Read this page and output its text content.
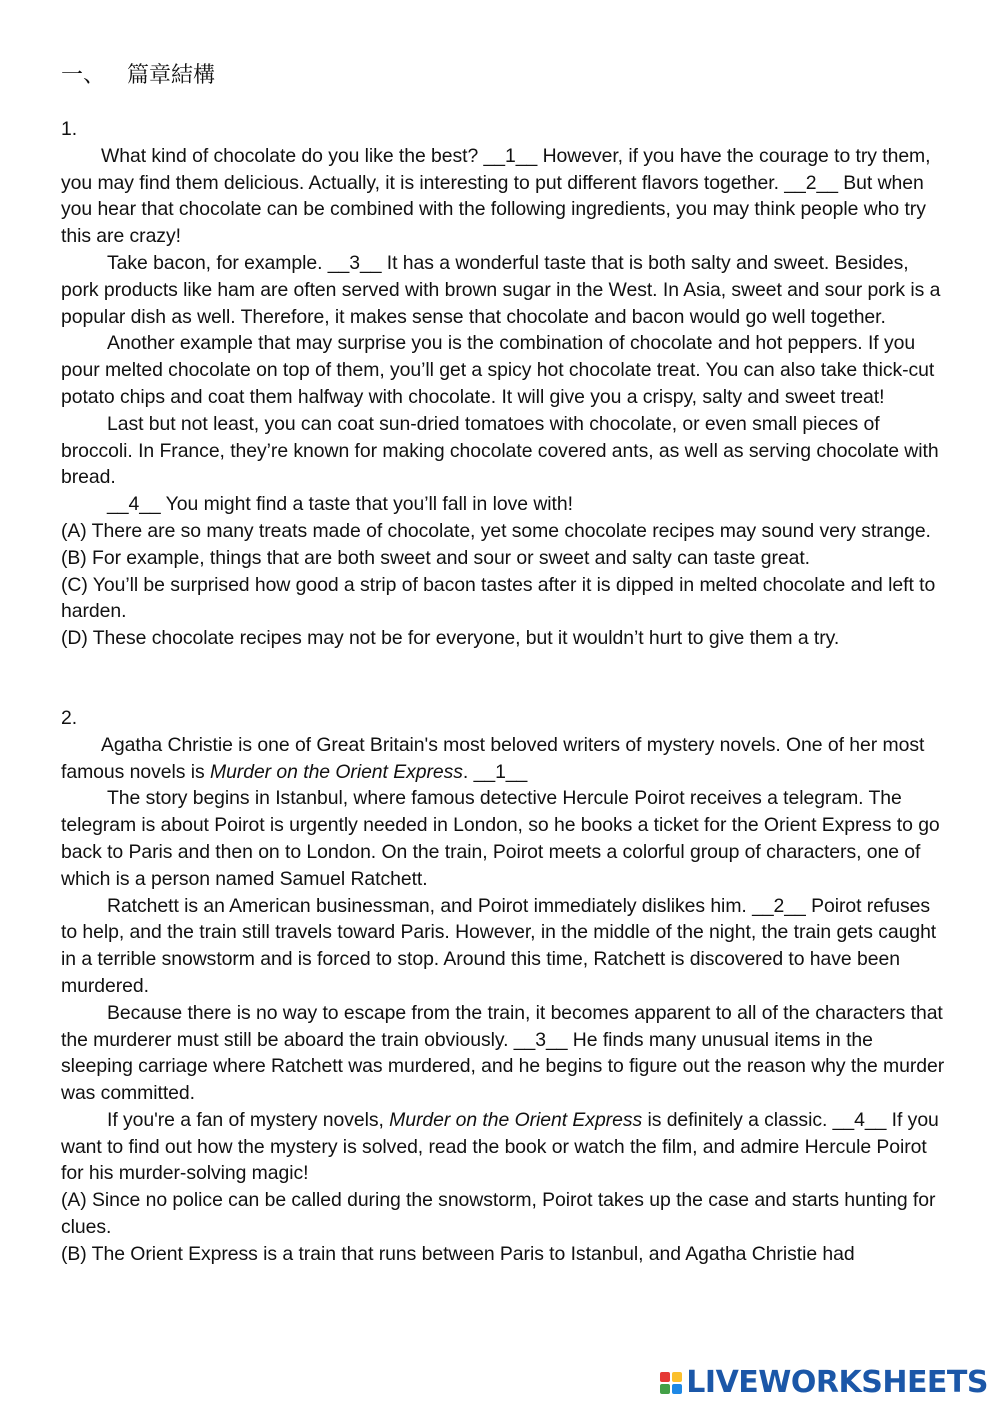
一、 篇章結構

1.

What kind of chocolate do you like the best? __1__ However, if you have the courage to try them, you may find them delicious. Actually, it is interesting to put different flavors together. __2__ But when you hear that chocolate can be combined with the following ingredients, you may think people who try this are crazy!

Take bacon, for example. __3__ It has a wonderful taste that is both salty and sweet. Besides, pork products like ham are often served with brown sugar in the West. In Asia, sweet and sour pork is a popular dish as well. Therefore, it makes sense that chocolate and bacon would go well together.

Another example that may surprise you is the combination of chocolate and hot peppers. If you pour melted chocolate on top of them, you’ll get a spicy hot chocolate treat. You can also take thick-cut potato chips and coat them halfway with chocolate. It will give you a crispy, salty and sweet treat!

Last but not least, you can coat sun-dried tomatoes with chocolate, or even small pieces of broccoli. In France, they’re known for making chocolate covered ants, as well as serving chocolate with bread.

__4__ You might find a taste that you’ll fall in love with!

(A) There are so many treats made of chocolate, yet some chocolate recipes may sound very strange.

(B) For example, things that are both sweet and sour or sweet and salty can taste great.

(C) You’ll be surprised how good a strip of bacon tastes after it is dipped in melted chocolate and left to harden.

(D) These chocolate recipes may not be for everyone, but it wouldn’t hurt to give them a try.

2.

Agatha Christie is one of Great Britain's most beloved writers of mystery novels. One of her most famous novels is Murder on the Orient Express. __1__

The story begins in Istanbul, where famous detective Hercule Poirot receives a telegram. The telegram is about Poirot is urgently needed in London, so he books a ticket for the Orient Express to go back to Paris and then on to London. On the train, Poirot meets a colorful group of characters, one of which is a person named Samuel Ratchett.

Ratchett is an American businessman, and Poirot immediately dislikes him. __2__ Poirot refuses to help, and the train still travels toward Paris. However, in the middle of the night, the train gets caught in a terrible snowstorm and is forced to stop. Around this time, Ratchett is discovered to have been murdered.

Because there is no way to escape from the train, it becomes apparent to all of the characters that the murderer must still be aboard the train obviously. __3__ He finds many unusual items in the sleeping carriage where Ratchett was murdered, and he begins to figure out the reason why the murder was committed.

If you're a fan of mystery novels, Murder on the Orient Express is definitely a classic. __4__ If you want to find out how the mystery is solved, read the book or watch the film, and admire Hercule Poirot for his murder-solving magic!

(A) Since no police can be called during the snowstorm, Poirot takes up the case and starts hunting for clues.

(B) The Orient Express is a train that runs between Paris to Istanbul, and Agatha Christie had

LIVEWORKSHEETS
